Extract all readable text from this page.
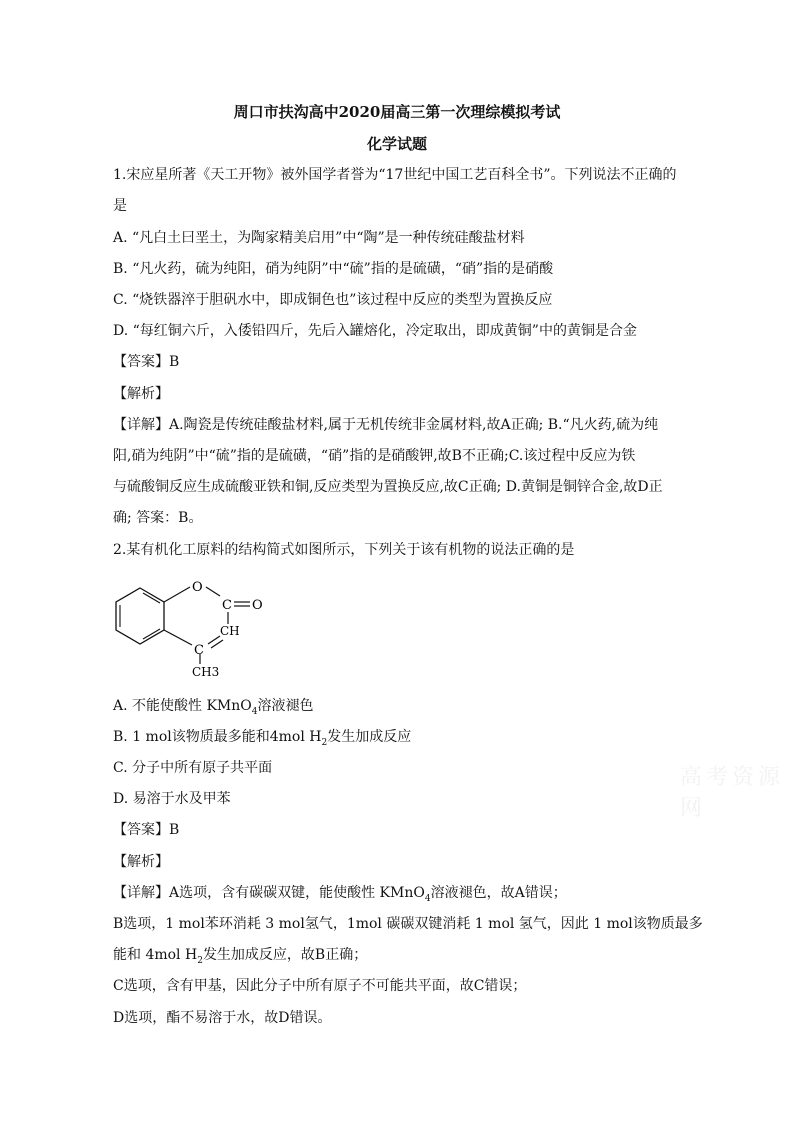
周口市扶沟高中2020届高三第一次理综模拟考试
化学试题
1.宋应星所著《天工开物》被外国学者誉为“17世纪中国工艺百科全书”。下列说法不正确的
是
A. “凡白土曰垩土，为陶家精美启用”中“陶”是一种传统硅酸盐材料
B. “凡火药，硫为纯阳，硝为纯阴”中“硫”指的是硫磺，“硝”指的是硝酸
C. “烧铁器淬于胆矾水中，即成铜色也”该过程中反应的类型为置换反应
D. “每红铜六斤，入倭铅四斤，先后入罐熔化，冷定取出，即成黄铜”中的黄铜是合金
【答案】B
【解析】
【详解】A.陶瓷是传统硅酸盐材料,属于无机传统非金属材料,故A正确; B.“凡火药,硫为纯
阳,硝为纯阴”中“硫”指的是硫磺，“硝”指的是硝酸钾,故B不正确;C.该过程中反应为铁
与硫酸铜反应生成硫酸亚铁和铜,反应类型为置换反应,故C正确; D.黄铜是铜锌合金,故D正
确; 答案：B。
2.某有机化工原料的结构简式如图所示，下列关于该有机物的说法正确的是
O
C O
CH
C
CH3
A. 不能使酸性 KMnO$_4$溶液褪色
B. 1 mol该物质最多能和4mol $H_2$发生加成反应
C. 分子中所有原子共平面
D. 易溶于水及甲苯
【答案】B
【解析】
【详解】A选项，含有碳碳双键，能使酸性 KMnO$_4$溶液褪色，故A错误；
B选项，1 mol苯环消耗 3 mol氢气，1mol 碳碳双键消耗 1 mol 氢气，因此 1 mol该物质最多
能和 4mol $H_2$发生加成反应，故B正确；
C选项，含有甲基，因此分子中所有原子不可能共平面，故C错误；
D选项，酯不易溶于水，故D错误。
高考资源网
